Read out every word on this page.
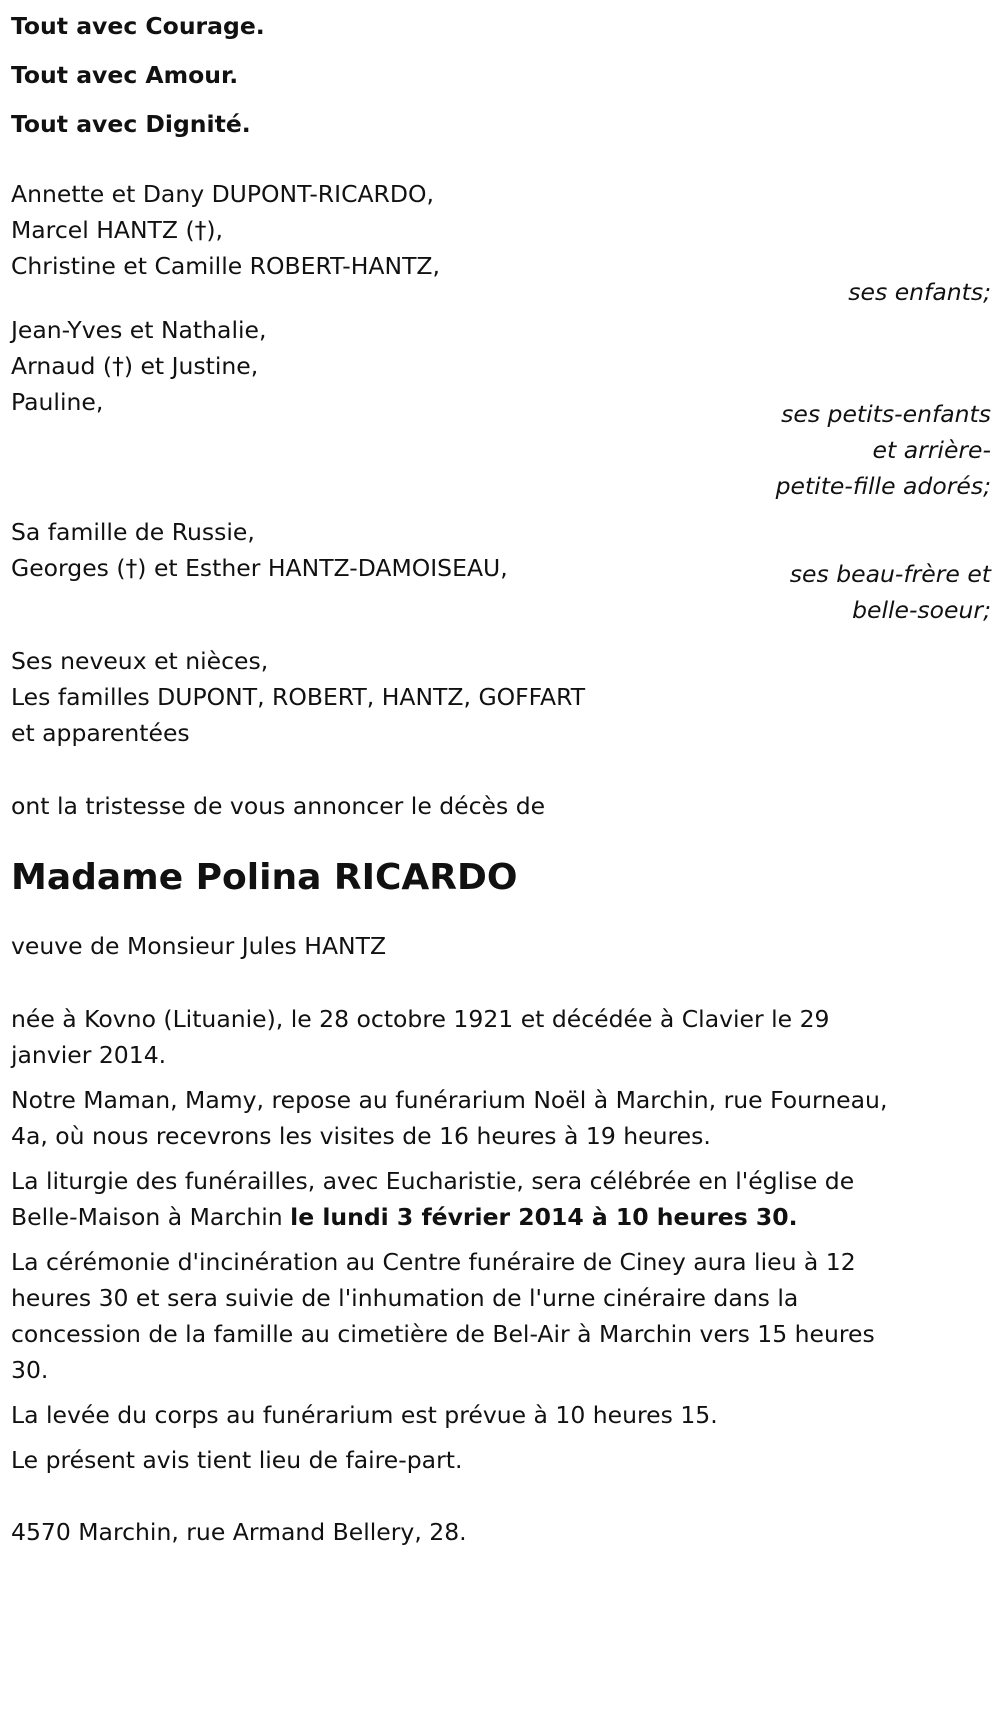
Tout avec Courage.
Tout avec Amour.
Tout avec Dignité.
Annette et Dany DUPONT-RICARDO,
Marcel HANTZ (†),
Christine et Camille ROBERT-HANTZ,
ses enfants;
Jean-Yves et Nathalie,
Arnaud (†) et Justine,
Pauline,	ses petits-enfants
et arrière-
petite-fille adorés;
Sa famille de Russie,
Georges (†) et Esther HANTZ-DAMOISEAU,	ses beau-frère et
belle-soeur;
Ses neveux et nièces,
Les familles DUPONT, ROBERT, HANTZ, GOFFART
et apparentées

ont la tristesse de vous annoncer le décès de

Madame Polina RICARDO

veuve de Monsieur Jules HANTZ

née à Kovno (Lituanie), le 28 octobre 1921 et décédée à Clavier le 29 janvier 2014.

Notre Maman, Mamy, repose au funérarium Noël à Marchin, rue Fourneau, 4a, où nous recevrons les visites de 16 heures à 19 heures.

La liturgie des funérailles, avec Eucharistie, sera célébrée en l'église de Belle-Maison à Marchin le lundi 3 février 2014 à 10 heures 30.

La cérémonie d'incinération au Centre funéraire de Ciney aura lieu à 12 heures 30 et sera suivie de l'inhumation de l'urne cinéraire dans la concession de la famille au cimetière de Bel-Air à Marchin vers 15 heures 30.

La levée du corps au funérarium est prévue à 10 heures 15.

Le présent avis tient lieu de faire-part.

4570 Marchin, rue Armand Bellery, 28.
